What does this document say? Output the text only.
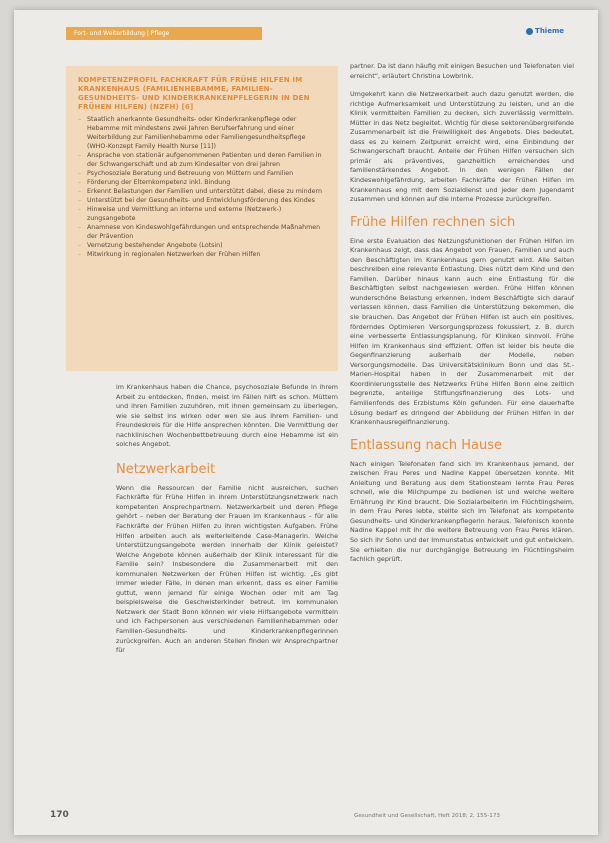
Fort- und Weiterbildung | Pflege	Thieme

KOMPETENZPROFIL FACHKRAFT FÜR FRÜHE HILFEN IM KRANKENHAUS (FAMILIENHEBAMME, FAMILIEN-GESUNDHEITS- UND KINDERKRANKENPFLEGERIN IN DEN FRÜHEN HILFEN) (NZFH) [6]

– Staatlich anerkannte Gesundheits- oder Kinderkrankenpflege oder Hebamme mit mindestens zwei Jahren Berufserfahrung und einer Weiterbildung zur Familienhebamme oder Familiengesundheitspflege (WHO-Konzept Family Health Nurse [11])
– Ansprache von stationär aufgenommenen Patienten und deren Familien in der Schwangerschaft und ab zum Kindesalter von drei Jahren
– Psychosoziale Beratung und Betreuung von Müttern und Familien
– Förderung der Elternkompetenz inkl. Bindung
– Erkennt Belastungen der Familien und unterstützt dabei, diese zu mindern
– Unterstützt bei der Gesundheits- und Entwicklungsförderung des Kindes
– Hinweise und Vermittlung an interne und externe (Netzwerk-) zungsangebote
– Anamnese von Kindeswohlgefährdungen und entsprechende Maßnahmen der Prävention
– Vernetzung bestehender Angebote (Lotsin)
– Mitwirkung in regionalen Netzwerken der Frühen Hilfen

im Krankenhaus haben die Chance, psychosoziale Befunde in ihrem Arbeit zu entdecken, finden, meist im Fällen hilft es schon. Müttern und ihren Familien zuzuhören, mit ihnen gemeinsam zu überlegen, wie sie selbst ins wirken oder wen sie aus ihrem Familien- und Freundeskreis für die Hilfe ansprechen könnten. Die Vermittlung der nachklinischen Wochenbettbetreuung durch eine Hebamme ist ein solches Angebot.

Netzwerkarbeit

Wenn die Ressourcen der Familie nicht ausreichen, suchen Fachkräfte für Frühe Hilfen in ihrem Unterstützungsnetzwerk nach kompetenten Ansprechpartnern. Netzwerkarbeit und deren Pflege gehört – neben der Beratung der Frauen im Krankenhaus – für alle Fachkräfte der Frühen Hilfen zu ihren wichtigsten Aufgaben. Frühe Hilfen arbeiten auch als weiterleitende Case-Managerin. Welche Unterstützungsangebote werden innerhalb der Klinik geleistet? Welche Angebote können außerhalb der Klinik interessant für die Familie sein? Insbesondere die Zusammenarbeit mit den kommunalen Netzwerken der Frühen Hilfen ist wichtig. „Es gibt immer wieder Fälle, in denen man erkennt, dass es einer Familie guttut, wenn jemand für einige Wochen oder mit am Tag beispielsweise die Geschwisterkinder betreut. Im kommunalen Netzwerk der Stadt Bonn können wir viele Hilfsangebote vermitteln und ich Fachpersonen aus verschiedenen Familienhebammen oder Familien-Gesundheits- und Kinderkrankenpflegerinnen zurückgreifen. Auch an anderen Stellen finden wir Ansprechpartner für

partner. Da ist dann häufig mit einigen Besuchen und Telefonaten viel erreicht“, erläutert Christina Lowbrink.

Umgekehrt kann die Netzwerkarbeit auch dazu genutzt werden, die richtige Aufmerksamkeit und Unterstützung zu leisten, und an die Klinik vermittelten Familien zu decken, sich zuverlässig vermitteln. Mütter in das Netz begleitet. Wichtig für diese sektorenübergreifende Zusammenarbeit ist die Freiwilligkeit des Angebots. Dies bedeutet, dass es zu keinem Zeitpunkt erreicht wird, eine Einbindung der Schwangerschaft braucht. Anteile der Frühen Hilfen versuchen sich primär als präventives, ganzheitlich erreichendes und familienstärkendes Angebot. In den wenigen Fällen der Kindeswohlgefährdung, arbeiten Fachkräfte der Frühen Hilfen im Krankenhaus eng mit dem Sozialdienst und jeder dem Jugendamt zusammen und können auf die interne Prozesse zurückgreifen.

Frühe Hilfen rechnen sich

Eine erste Evaluation des Netzungsfunktionen der Frühen Hilfen im Krankenhaus zeigt, dass das Angebot von Frauen, Familien und auch den Beschäftigten im Krankenhaus gern genutzt wird. Alle Seiten beschreiben eine relevante Entlastung. Dies nützt dem Kind und den Familien. Darüber hinaus kann auch eine Entlastung für die Beschäftigten selbst nachgewiesen werden. Frühe Hilfen können wunderschöne Belastung erkennen, indem Beschäftigte sich darauf verlassen können, dass Familien die Unterstützung bekommen, die sie brauchen. Das Angebot der Frühen Hilfen ist auch ein positives, förderndes Optimieren Versorgungsprozess fokussiert, z. B. durch eine verbesserte Entlassungsplanung, für Kliniken sinnvoll. Frühe Hilfen im Krankenhaus sind effizient. Offen ist leider bis heute die Gegenfinanzierung außerhalb der Modelle, neben Versorgungsmodelle. Das Universitätsklinikum Bonn und das St.-Marien-Hospital haben in der Zusammenarbeit mit der Koordinierungsstelle des Netzwerks Frühe Hilfen Bonn eine zeitlich begrenzte, anteilige Stiftungsfinanzierung des Lots- und Familienfonds des Erzbistums Köln gefunden. Für eine dauerhafte Lösung bedarf es dringend der Abbildung der Frühen Hilfen in der Krankenhausregelfinanzierung.

Entlassung nach Hause

Nach einigen Telefonaten fand sich im Krankenhaus jemand, der zwischen Frau Peres und Nadine Kappel übersetzen konnte. Mit Anleitung und Beratung aus dem Stationsteam lernte Frau Peres schnell, wie die Milchpumpe zu bedienen ist und welche weitere Ernährung ihr Kind braucht. Die Sozialarbeiterin im Flüchtlingsheim, in dem Frau Peres lebte, stellte sich im Telefonat als kompetente Gesundheits- und Kinderkrankenpflegerin heraus. Telefonisch konnte Nadine Kappel mit ihr die weitere Betreuung von Frau Peres klären. So sich ihr Sohn und der Immunstatus entwickelt und gut entwickeln. Sie erhielten die nur durchgängige Betreuung im Flüchtlingsheim fachlich geprüft.

170	Gesundheit und Gesellschaft, Heft 2018; 2, 155-173
